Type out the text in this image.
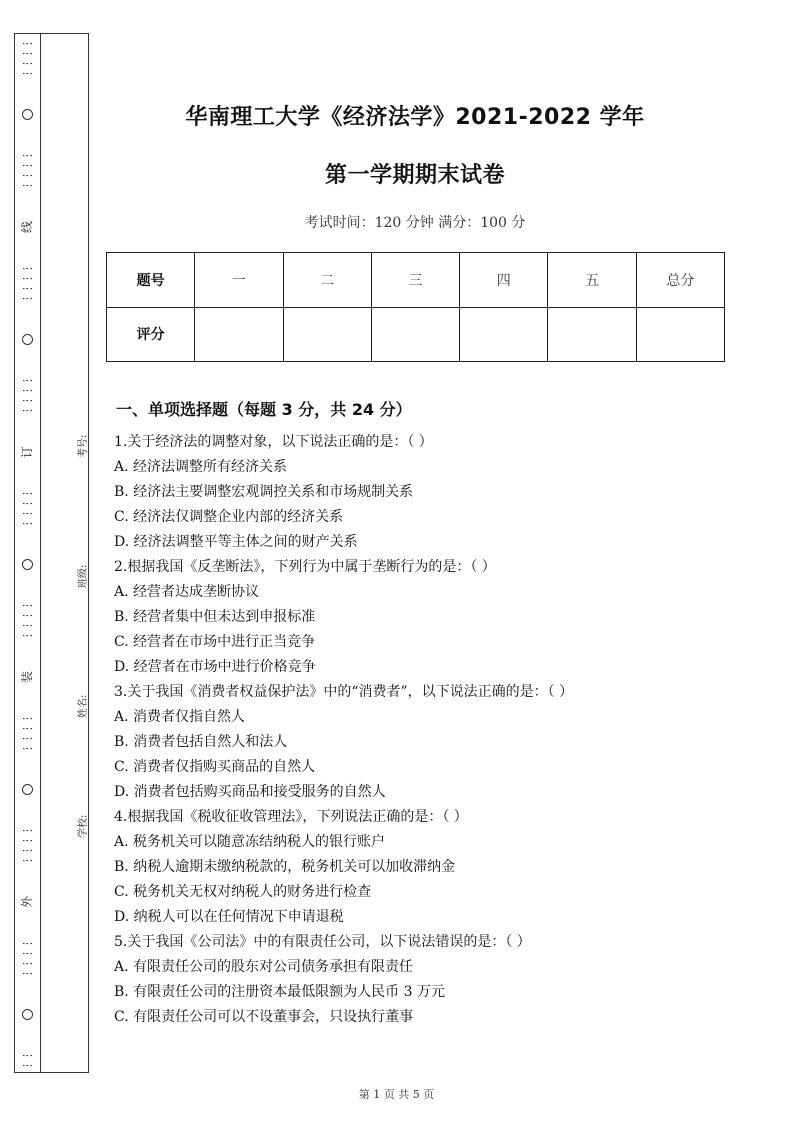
⋮⋮⋮⋮
⋮⋮⋮⋮
线
⋮⋮⋮⋮
⋮⋮⋮⋮
订
⋮⋮⋮⋮
⋮⋮⋮⋮
装
⋮⋮⋮⋮
⋮⋮⋮⋮
外
⋮⋮⋮⋮
⋮⋮
考号:
班级:
姓名:
学校:
华南理工大学《经济法学》2021-2022 学年
第一学期期末试卷
考试时间：120 分钟 满分：100 分
题号	一	二	三	四	五	总分
评分						
一、单项选择题（每题 3 分，共 24 分）
1.关于经济法的调整对象，以下说法正确的是：（ ）
A. 经济法调整所有经济关系
B. 经济法主要调整宏观调控关系和市场规制关系
C. 经济法仅调整企业内部的经济关系
D. 经济法调整平等主体之间的财产关系
2.根据我国《反垄断法》，下列行为中属于垄断行为的是：（ ）
A. 经营者达成垄断协议
B. 经营者集中但未达到申报标准
C. 经营者在市场中进行正当竞争
D. 经营者在市场中进行价格竞争
3.关于我国《消费者权益保护法》中的“消费者”，以下说法正确的是：（ ）
A. 消费者仅指自然人
B. 消费者包括自然人和法人
C. 消费者仅指购买商品的自然人
D. 消费者包括购买商品和接受服务的自然人
4.根据我国《税收征收管理法》，下列说法正确的是：（ ）
A. 税务机关可以随意冻结纳税人的银行账户
B. 纳税人逾期未缴纳税款的，税务机关可以加收滞纳金
C. 税务机关无权对纳税人的财务进行检查
D. 纳税人可以在任何情况下申请退税
5.关于我国《公司法》中的有限责任公司，以下说法错误的是：（ ）
A. 有限责任公司的股东对公司债务承担有限责任
B. 有限责任公司的注册资本最低限额为人民币 3 万元
C. 有限责任公司可以不设董事会，只设执行董事
第 1 页 共 5 页
